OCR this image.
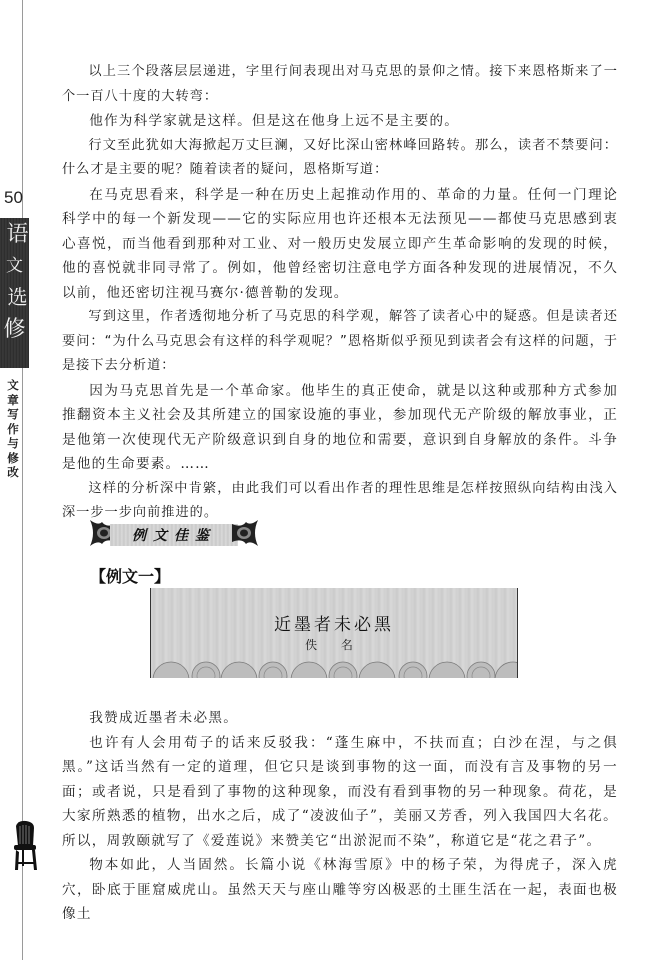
50
语
文
选
修
文章写作与修改

以上三个段落层层递进，字里行间表现出对马克思的景仰之情。接下来恩格斯来了一个一百八十度的大转弯：

他作为科学家就是这样。但是这在他身上远不是主要的。

行文至此犹如大海掀起万丈巨澜，又好比深山密林峰回路转。那么，读者不禁要问：什么才是主要的呢？随着读者的疑问，恩格斯写道：

在马克思看来，科学是一种在历史上起推动作用的、革命的力量。任何一门理论科学中的每一个新发现——它的实际应用也许还根本无法预见——都使马克思感到衷心喜悦，而当他看到那种对工业、对一般历史发展立即产生革命影响的发现的时候，他的喜悦就非同寻常了。例如，他曾经密切注意电学方面各种发现的进展情况，不久以前，他还密切注视马赛尔·德普勒的发现。

写到这里，作者透彻地分析了马克思的科学观，解答了读者心中的疑惑。但是读者还要问：“为什么马克思会有这样的科学观呢？”恩格斯似乎预见到读者会有这样的问题，于是接下去分析道：

因为马克思首先是一个革命家。他毕生的真正使命，就是以这种或那种方式参加推翻资本主义社会及其所建立的国家设施的事业，参加现代无产阶级的解放事业，正是他第一次使现代无产阶级意识到自身的地位和需要，意识到自身解放的条件。斗争是他的生命要素。……

这样的分析深中肯綮，由此我们可以看出作者的理性思维是怎样按照纵向结构由浅入深一步一步向前推进的。

例文佳鉴
【例文一】
近墨者未必黑
佚 名

我赞成近墨者未必黑。

也许有人会用荀子的话来反驳我：“蓬生麻中，不扶而直；白沙在涅，与之俱黑。”这话当然有一定的道理，但它只是谈到事物的这一面，而没有言及事物的另一面；或者说，只是看到了事物的这种现象，而没有看到事物的另一种现象。荷花，是大家所熟悉的植物，出水之后，成了“凌波仙子”，美丽又芳香，列入我国四大名花。所以，周敦颐就写了《爱莲说》来赞美它“出淤泥而不染”，称道它是“花之君子”。

物本如此，人当固然。长篇小说《林海雪原》中的杨子荣，为得虎子，深入虎穴，卧底于匪窟威虎山。虽然天天与座山雕等穷凶极恶的土匪生活在一起，表面也极像土
